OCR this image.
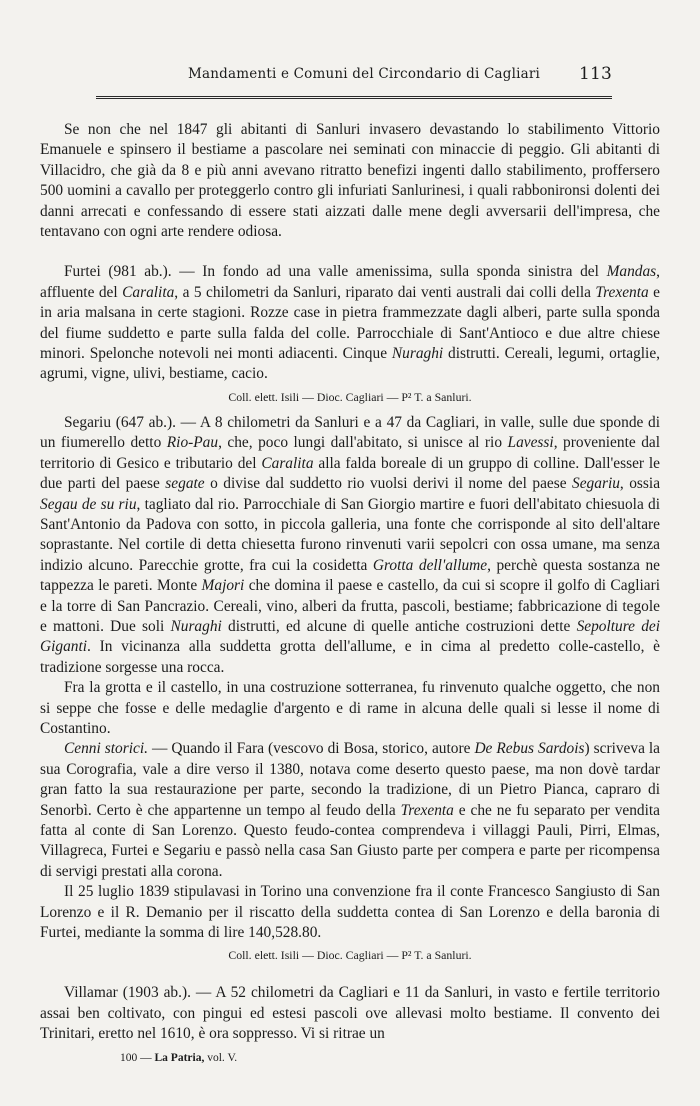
Mandamenti e Comuni del Circondario di Cagliari 113

Se non che nel 1847 gli abitanti di Sanluri invasero devastando lo stabilimento Vittorio Emanuele e spinsero il bestiame a pascolare nei seminati con minaccie di peggio. Gli abitanti di Villacidro, che già da 8 e più anni avevano ritratto benefizi ingenti dallo stabilimento, proffersero 500 uomini a cavallo per proteggerlo contro gli infuriati Sanlurinesi, i quali rabbonironsi dolenti dei danni arrecati e confessando di essere stati aizzati dalle mene degli avversarii dell'impresa, che tentavano con ogni arte rendere odiosa.

Furtei (981 ab.). — In fondo ad una valle amenissima, sulla sponda sinistra del Mandas, affluente del Caralita, a 5 chilometri da Sanluri, riparato dai venti australi dai colli della Trexenta e in aria malsana in certe stagioni. Rozze case in pietra frammezzate dagli alberi, parte sulla sponda del fiume suddetto e parte sulla falda del colle. Parrocchiale di Sant'Antioco e due altre chiese minori. Spelonche notevoli nei monti adiacenti. Cinque Nuraghi distrutti. Cereali, legumi, ortaglie, agrumi, vigne, ulivi, bestiame, cacio.

Coll. elett. Isili — Dioc. Cagliari — P² T. a Sanluri.

Segariu (647 ab.). — A 8 chilometri da Sanluri e a 47 da Cagliari, in valle, sulle due sponde di un fiumerello detto Rio-Pau, che, poco lungi dall'abitato, si unisce al rio Lavessi, proveniente dal territorio di Gesico e tributario del Caralita alla falda boreale di un gruppo di colline. Dall'esser le due parti del paese segate o divise dal suddetto rio vuolsi derivi il nome del paese Segariu, ossia Segau de su riu, tagliato dal rio. Parrocchiale di San Giorgio martire e fuori dell'abitato chiesuola di Sant'Antonio da Padova con sotto, in piccola galleria, una fonte che corrisponde al sito dell'altare soprastante. Nel cortile di detta chiesetta furono rinvenuti varii sepolcri con ossa umane, ma senza indizio alcuno. Parecchie grotte, fra cui la cosidetta Grotta dell'allume, perchè questa sostanza ne tappezza le pareti. Monte Majori che domina il paese e castello, da cui si scopre il golfo di Cagliari e la torre di San Pancrazio. Cereali, vino, alberi da frutta, pascoli, bestiame; fabbricazione di tegole e mattoni. Due soli Nuraghi distrutti, ed alcune di quelle antiche costruzioni dette Sepolture dei Giganti. In vicinanza alla suddetta grotta dell'allume, e in cima al predetto colle-castello, è tradizione sorgesse una rocca.

Fra la grotta e il castello, in una costruzione sotterranea, fu rinvenuto qualche oggetto, che non si seppe che fosse e delle medaglie d'argento e di rame in alcuna delle quali si lesse il nome di Costantino.

Cenni storici. — Quando il Fara (vescovo di Bosa, storico, autore De Rebus Sardois) scriveva la sua Corografia, vale a dire verso il 1380, notava come deserto questo paese, ma non dovè tardar gran fatto la sua restaurazione per parte, secondo la tradizione, di un Pietro Pianca, capraro di Senorbì. Certo è che appartenne un tempo al feudo della Trexenta e che ne fu separato per vendita fatta al conte di San Lorenzo. Questo feudo-contea comprendeva i villaggi Pauli, Pirri, Elmas, Villagreca, Furtei e Segariu e passò nella casa San Giusto parte per compera e parte per ricompensa di servigi prestati alla corona.

Il 25 luglio 1839 stipulavasi in Torino una convenzione fra il conte Francesco Sangiusto di San Lorenzo e il R. Demanio per il riscatto della suddetta contea di San Lorenzo e della baronia di Furtei, mediante la somma di lire 140,528.80.

Coll. elett. Isili — Dioc. Cagliari — P² T. a Sanluri.

Villamar (1903 ab.). — A 52 chilometri da Cagliari e 11 da Sanluri, in vasto e fertile territorio assai ben coltivato, con pingui ed estesi pascoli ove allevasi molto bestiame. Il convento dei Trinitari, eretto nel 1610, è ora soppresso. Vi si ritrae un

100 — La Patria, vol. V.
